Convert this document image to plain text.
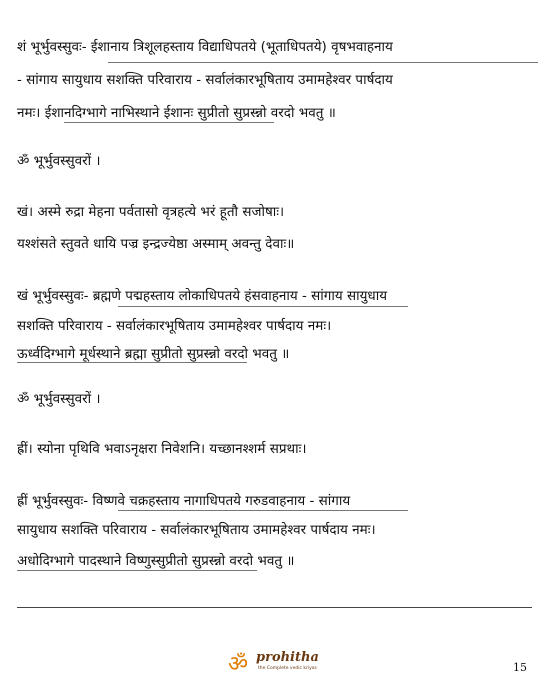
शं भूर्भुवस्सुवः- ईशानाय त्रिशूलहस्ताय विद्याधिपतये (भूताधिपतये) वृषभवाहनाय
- सांगाय सायुधाय सशक्ति परिवाराय - सर्वालंकारभूषिताय उमामहेश्वर पार्षदाय
नमः। ईशानदिग्भागे नाभिस्थाने ईशानः सुप्रीतो सुप्रस्न्नो वरदो भवतु ॥
ॐ भूर्भुवस्सुवरों ।
खं। अस्मे रुद्रा मेहना पर्वतासो वृत्रहत्ये भरं हूतौ सजोषाः।
यश्शंसते स्तुवते धायि पज्र इन्द्रज्येष्ठा अस्माम् अवन्तु देवाः॥
खं भूर्भुवस्सुवः- ब्रह्मणे पद्महस्ताय लोकाधिपतये हंसवाहनाय - सांगाय सायुधाय
सशक्ति परिवाराय - सर्वालंकारभूषिताय उमामहेश्वर पार्षदाय नमः।
ऊर्ध्वदिग्भागे मूर्धस्थाने ब्रह्मा सुप्रीतो सुप्रस्न्नो वरदो भवतु ॥
ॐ भूर्भुवस्सुवरों ।
ह्रीं। स्योना पृथिवि भवाऽनृक्षरा निवेशनि। यच्छानश्शर्म सप्रथाः।
ह्रीं भूर्भुवस्सुवः- विष्णवे चक्रहस्ताय नागाधिपतये गरुडवाहनाय - सांगाय
सायुधाय सशक्ति परिवाराय - सर्वालंकारभूषिताय उमामहेश्वर पार्षदाय नमः।
अधोदिग्भागे पादस्थाने विष्णुस्सुप्रीतो सुप्रस्न्नो वरदो भवतु ॥
ॐ prohitha
the Complete vedic kriyas	15
